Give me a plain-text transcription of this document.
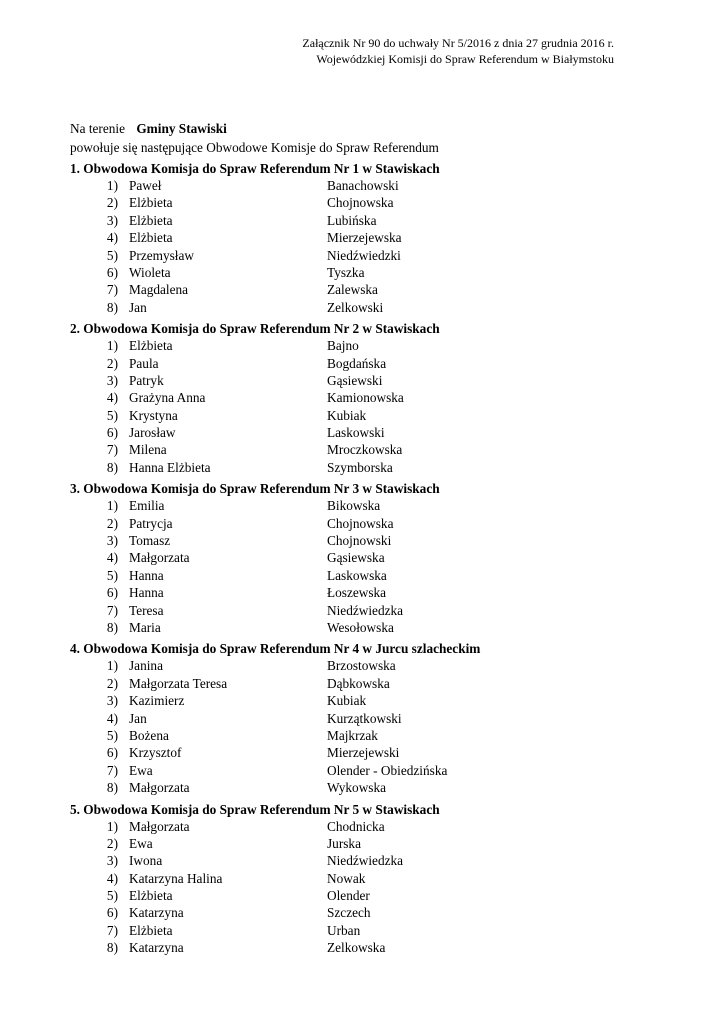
Załącznik Nr 90 do uchwały Nr 5/2016 z dnia 27 grudnia 2016 r.
Wojewódzkiej Komisji do Spraw Referendum w Białymstoku
Na terenie Gminy Stawiski
powołuje się następujące Obwodowe Komisje do Spraw Referendum
1. Obwodowa Komisja do Spraw Referendum Nr 1 w Stawiskach
1) Paweł	Banachowski
2) Elżbieta	Chojnowska
3) Elżbieta	Lubińska
4) Elżbieta	Mierzejewska
5) Przemysław	Niedźwiedzki
6) Wioleta	Tyszka
7) Magdalena	Zalewska
8) Jan	Zelkowski
2. Obwodowa Komisja do Spraw Referendum Nr 2 w Stawiskach
1) Elżbieta	Bajno
2) Paula	Bogdańska
3) Patryk	Gąsiewski
4) Grażyna Anna	Kamionowska
5) Krystyna	Kubiak
6) Jarosław	Laskowski
7) Milena	Mroczkowska
8) Hanna Elżbieta	Szymborska
3. Obwodowa Komisja do Spraw Referendum Nr 3 w Stawiskach
1) Emilia	Bikowska
2) Patrycja	Chojnowska
3) Tomasz	Chojnowski
4) Małgorzata	Gąsiewska
5) Hanna	Laskowska
6) Hanna	Łoszewska
7) Teresa	Niedźwiedzka
8) Maria	Wesołowska
4. Obwodowa Komisja do Spraw Referendum Nr 4 w Jurcu szlacheckim
1) Janina	Brzostowska
2) Małgorzata Teresa	Dąbkowska
3) Kazimierz	Kubiak
4) Jan	Kurzątkowski
5) Bożena	Majkrzak
6) Krzysztof	Mierzejewski
7) Ewa	Olender - Obiedzińska
8) Małgorzata	Wykowska
5. Obwodowa Komisja do Spraw Referendum Nr 5 w Stawiskach
1) Małgorzata	Chodnicka
2) Ewa	Jurska
3) Iwona	Niedźwiedzka
4) Katarzyna Halina	Nowak
5) Elżbieta	Olender
6) Katarzyna	Szczech
7) Elżbieta	Urban
8) Katarzyna	Zelkowska
